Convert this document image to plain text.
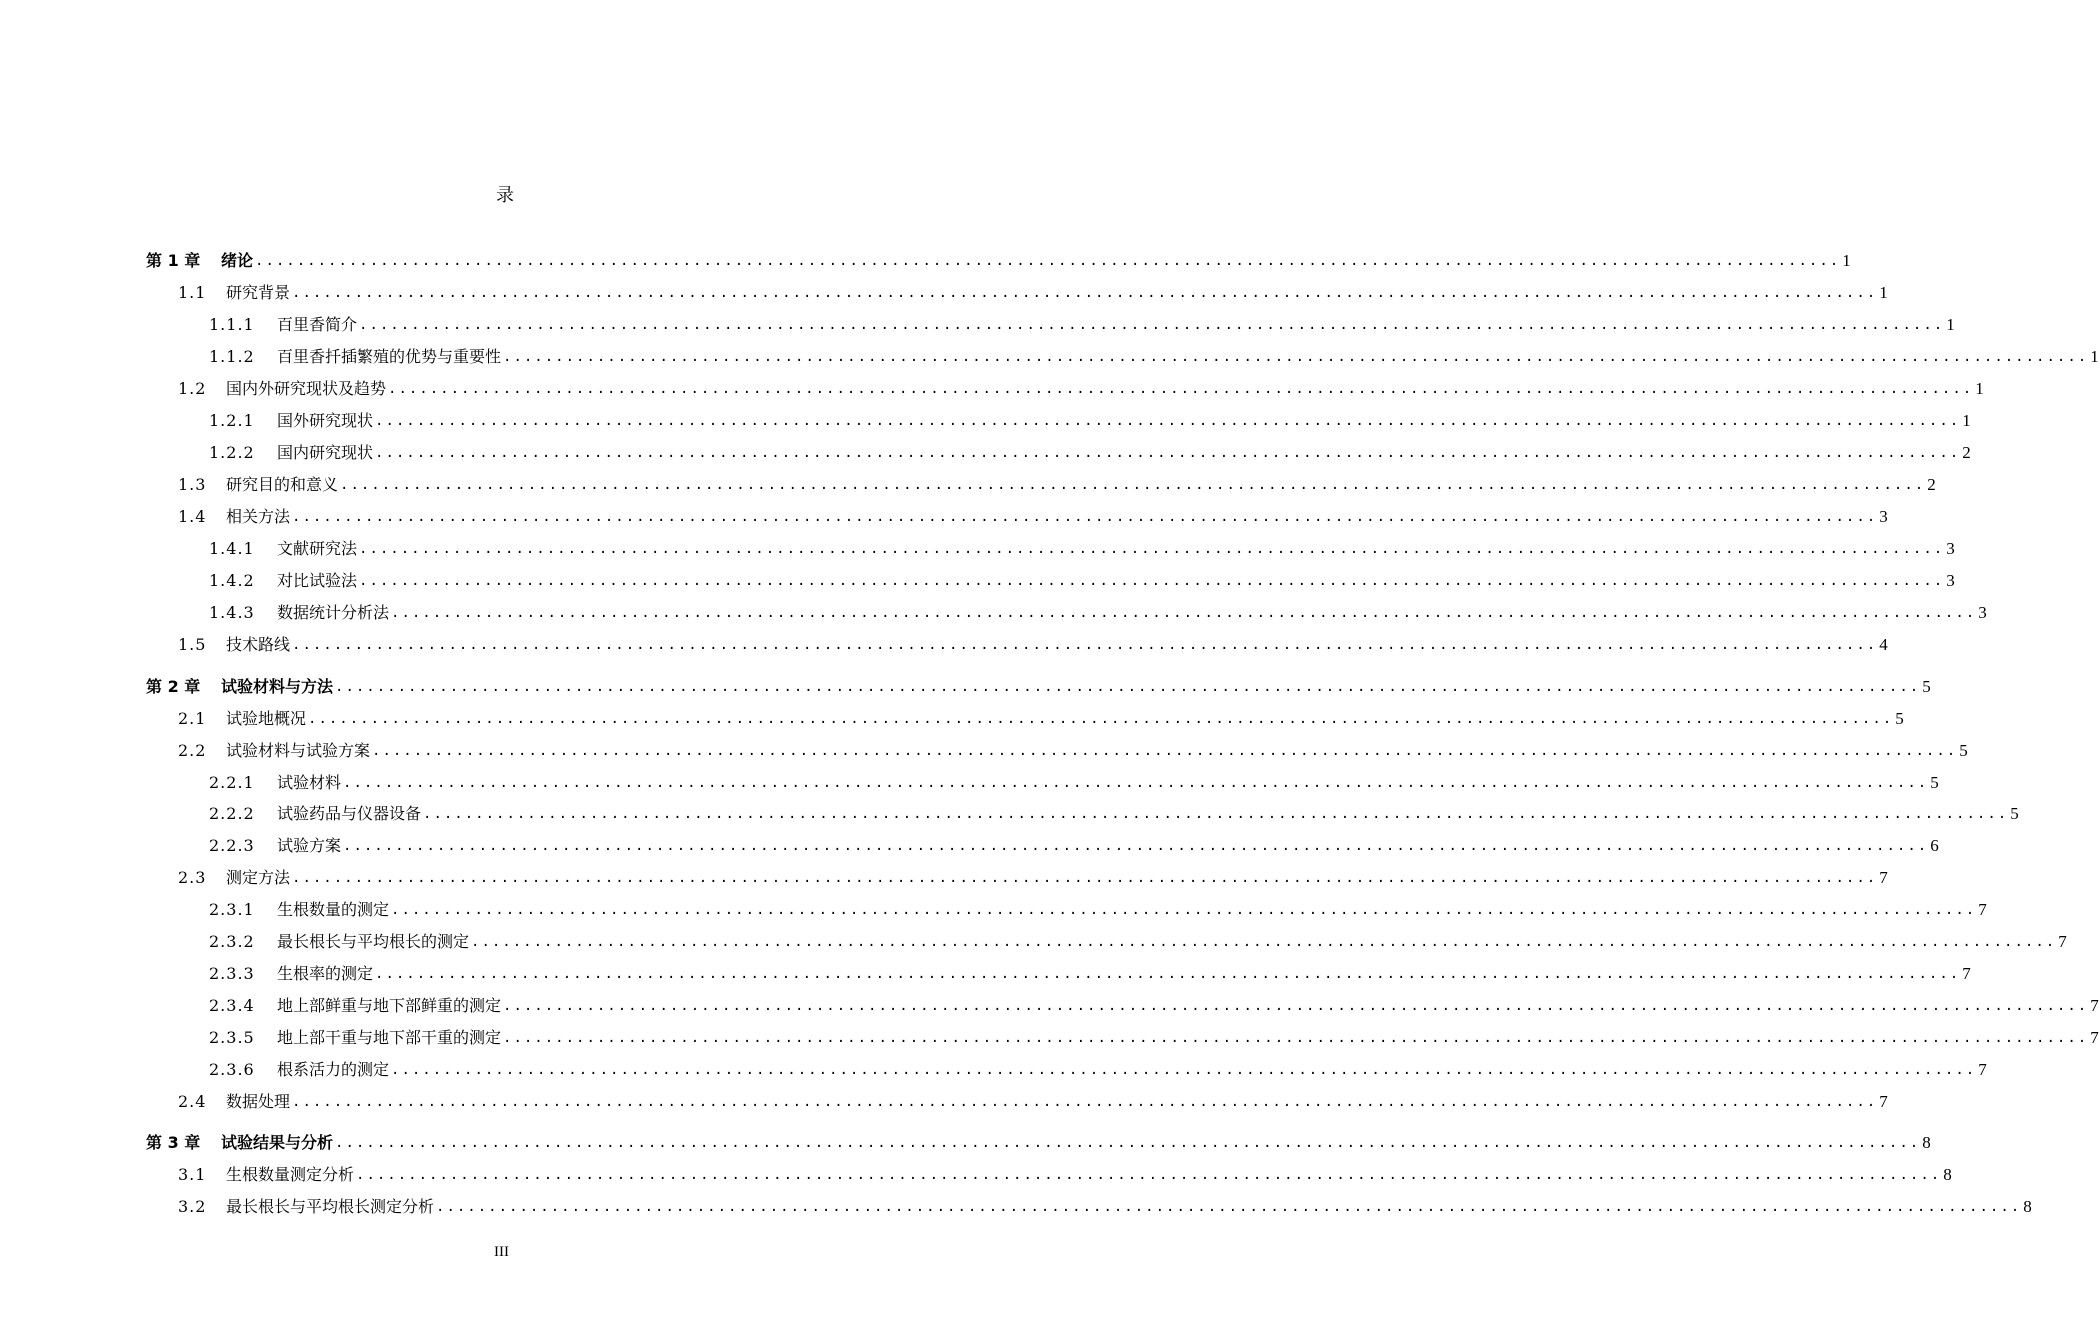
录
第 1 章	绪论 ........................................................................................................................................................ 1
1.1	研究背景 ........................................................................................................................................................ 1
1.1.1	百里香简介 ........................................................................................................................................................ 1
1.1.2	百里香扦插繁殖的优势与重要性 ........................................................................................................................................................ 1
1.2	国内外研究现状及趋势 ........................................................................................................................................................ 1
1.2.1	国外研究现状 ........................................................................................................................................................ 1
1.2.2	国内研究现状 ........................................................................................................................................................ 2
1.3	研究目的和意义 ........................................................................................................................................................ 2
1.4	相关方法 ........................................................................................................................................................ 3
1.4.1	文献研究法 ........................................................................................................................................................ 3
1.4.2	对比试验法 ........................................................................................................................................................ 3
1.4.3	数据统计分析法 ........................................................................................................................................................ 3
1.5	技术路线 ........................................................................................................................................................ 4
第 2 章	试验材料与方法 ........................................................................................................................................................ 5
2.1	试验地概况 ........................................................................................................................................................ 5
2.2	试验材料与试验方案 ........................................................................................................................................................ 5
2.2.1	试验材料 ........................................................................................................................................................ 5
2.2.2	试验药品与仪器设备 ........................................................................................................................................................ 5
2.2.3	试验方案 ........................................................................................................................................................ 6
2.3	测定方法 ........................................................................................................................................................ 7
2.3.1	生根数量的测定 ........................................................................................................................................................ 7
2.3.2	最长根长与平均根长的测定 ........................................................................................................................................................ 7
2.3.3	生根率的测定 ........................................................................................................................................................ 7
2.3.4	地上部鲜重与地下部鲜重的测定 ........................................................................................................................................................ 7
2.3.5	地上部干重与地下部干重的测定 ........................................................................................................................................................ 7
2.3.6	根系活力的测定 ........................................................................................................................................................ 7
2.4	数据处理 ........................................................................................................................................................ 7
第 3 章	试验结果与分析 ........................................................................................................................................................ 8
3.1	生根数量测定分析 ........................................................................................................................................................ 8
3.2	最长根长与平均根长测定分析 ........................................................................................................................................................ 8
III
